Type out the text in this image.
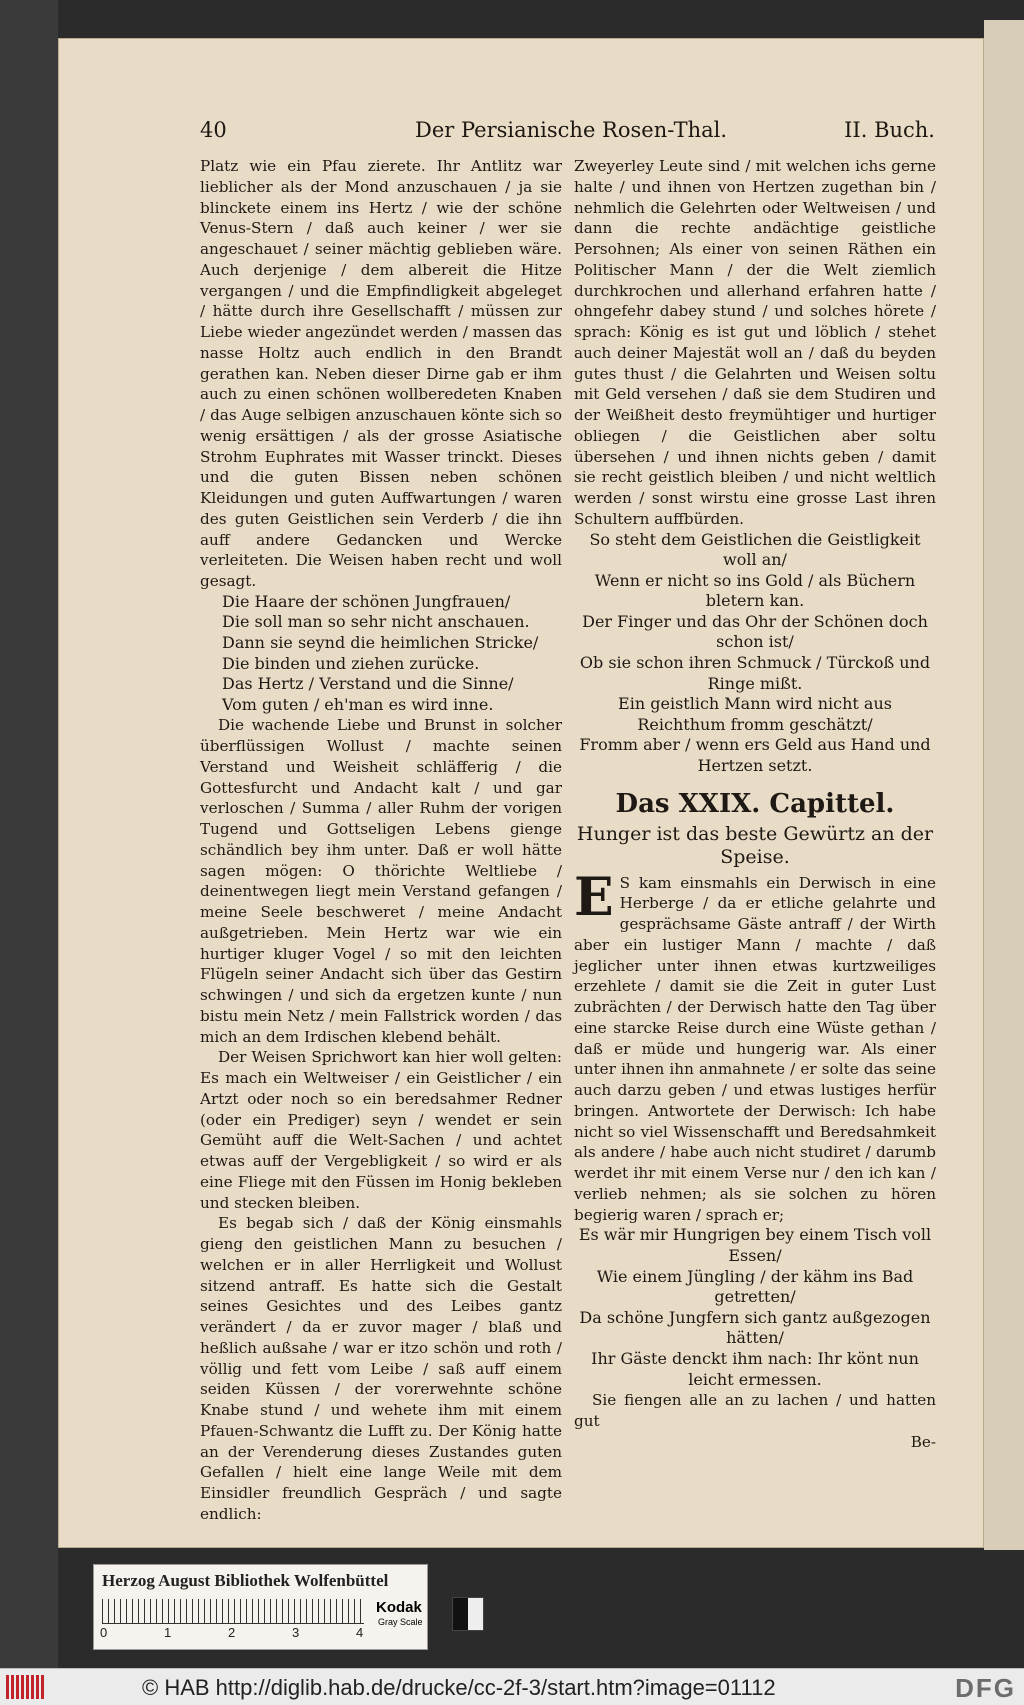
40	Der Persianische Rosen-Thal.	II. Buch.

Platz wie ein Pfau zierete. Ihr Antlitz war lieblicher als der Mond anzuschauen / ja sie blinckete einem ins Hertz / wie der schöne Venus-Stern / daß auch keiner / wer sie angeschauet / seiner mächtig geblieben wäre. Auch derjenige / dem albereit die Hitze vergangen / und die Empfindligkeit abgeleget / hätte durch ihre Gesellschafft / müssen zur Liebe wieder angezündet werden / massen das nasse Holtz auch endlich in den Brandt gerathen kan. Neben dieser Dirne gab er ihm auch zu einen schönen wollberedeten Knaben / das Auge selbigen anzuschauen könte sich so wenig ersättigen / als der grosse Asiatische Strohm Euphrates mit Wasser trinckt. Dieses und die guten Bissen neben schönen Kleidungen und guten Auffwartungen / waren des guten Geistlichen sein Verderb / die ihn auff andere Gedancken und Wercke verleiteten. Die Weisen haben recht und woll gesagt.

Die Haare der schönen Jungfrauen/

Die soll man so sehr nicht anschauen.

Dann sie seynd die heimlichen Stricke/

Die binden und ziehen zurücke.

Das Hertz / Verstand und die Sinne/

Vom guten / eh'man es wird inne.

Die wachende Liebe und Brunst in solcher überflüssigen Wollust / machte seinen Verstand und Weisheit schläfferig / die Gottesfurcht und Andacht kalt / und gar verloschen / Summa / aller Ruhm der vorigen Tugend und Gottseligen Lebens gienge schändlich bey ihm unter. Daß er woll hätte sagen mögen: O thörichte Weltliebe / deinentwegen liegt mein Verstand gefangen / meine Seele beschweret / meine Andacht außgetrieben. Mein Hertz war wie ein hurtiger kluger Vogel / so mit den leichten Flügeln seiner Andacht sich über das Gestirn schwingen / und sich da ergetzen kunte / nun bistu mein Netz / mein Fallstrick worden / das mich an dem Irdischen klebend behält.

Der Weisen Sprichwort kan hier woll gelten: Es mach ein Weltweiser / ein Geistlicher / ein Artzt oder noch so ein beredsahmer Redner (oder ein Prediger) seyn / wendet er sein Gemüht auff die Welt-Sachen / und achtet etwas auff der Vergebligkeit / so wird er als eine Fliege mit den Füssen im Honig bekleben und stecken bleiben.

Es begab sich / daß der König einsmahls gieng den geistlichen Mann zu besuchen / welchen er in aller Herrligkeit und Wollust sitzend antraff. Es hatte sich die Gestalt seines Gesichtes und des Leibes gantz verändert / da er zuvor mager / blaß und heßlich außsahe / war er itzo schön und roth / völlig und fett vom Leibe / saß auff einem seiden Küssen / der vorerwehnte schöne Knabe stund / und wehete ihm mit einem Pfauen-Schwantz die Lufft zu. Der König hatte an der Verenderung dieses Zustandes guten Gefallen / hielt eine lange Weile mit dem Einsidler freundlich Gespräch / und sagte endlich:

Zweyerley Leute sind / mit welchen ichs gerne halte / und ihnen von Hertzen zugethan bin / nehmlich die Gelehrten oder Weltweisen / und dann die rechte andächtige geistliche Persohnen; Als einer von seinen Räthen ein Politischer Mann / der die Welt ziemlich durchkrochen und allerhand erfahren hatte / ohngefehr dabey stund / und solches hörete / sprach: König es ist gut und löblich / stehet auch deiner Majestät woll an / daß du beyden gutes thust / die Gelahrten und Weisen soltu mit Geld versehen / daß sie dem Studiren und der Weißheit desto freymühtiger und hurtiger obliegen / die Geistlichen aber soltu übersehen / und ihnen nichts geben / damit sie recht geistlich bleiben / und nicht weltlich werden / sonst wirstu eine grosse Last ihren Schultern auffbürden.

So steht dem Geistlichen die Geistligkeit woll an/

Wenn er nicht so ins Gold / als Büchern bletern kan.

Der Finger und das Ohr der Schönen doch schon ist/

Ob sie schon ihren Schmuck / Türckoß und Ringe mißt.

Ein geistlich Mann wird nicht aus Reichthum fromm geschätzt/

Fromm aber / wenn ers Geld aus Hand und Hertzen setzt.

Das XXIX. Capittel.
Hunger ist das beste Gewürtz an der Speise.

E S kam einsmahls ein Derwisch in eine Herberge / da er etliche gelahrte und gesprächsame Gäste antraff / der Wirth aber ein lustiger Mann / machte / daß jeglicher unter ihnen etwas kurtzweiliges erzehlete / damit sie die Zeit in guter Lust zubrächten / der Derwisch hatte den Tag über eine starcke Reise durch eine Wüste gethan / daß er müde und hungerig war. Als einer unter ihnen ihn anmahnete / er solte das seine auch darzu geben / und etwas lustiges herfür bringen. Antwortete der Derwisch: Ich habe nicht so viel Wissenschafft und Beredsahmkeit als andere / habe auch nicht studiret / darumb werdet ihr mit einem Verse nur / den ich kan / verlieb nehmen; als sie solchen zu hören begierig waren / sprach er;

Es wär mir Hungrigen bey einem Tisch voll Essen/

Wie einem Jüngling / der kähm ins Bad getretten/

Da schöne Jungfern sich gantz außgezogen hätten/

Ihr Gäste denckt ihm nach: Ihr könt nun leicht ermessen.

Sie fiengen alle an zu lachen / und hatten gut

Be-

Herzog August Bibliothek Wolfenbüttel
0	1	2	3	4
Kodak
Gray Scale
© HAB http://diglib.hab.de/drucke/cc-2f-3/start.htm?image=01112	DFG
